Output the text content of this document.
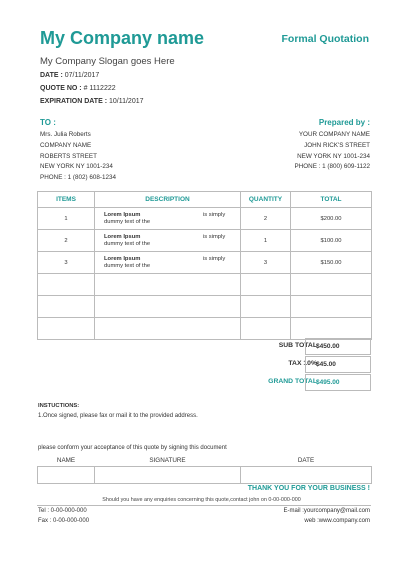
My Company name	Formal Quotation
My Company Slogan goes Here
DATE : 07/11/2017
QUOTE NO : # 1112222
EXPIRATION DATE : 10/11/2017
TO :	Prepared by :
Mrs. Julia Roberts
COMPANY NAME
ROBERTS STREET
NEW YORK NY 1001-234
PHONE : 1 (802) 608-1234
YOUR COMPANY NAME
JOHN RICK'S STREET
NEW YORK NY 1001-234
PHONE : 1 (800) 609-1122
ITEMS	DESCRIPTION	QUANTITY	TOTAL
1	Lorem Ipsum
dummy text of the
is simply	2	$200.00
2	Lorem Ipsum
dummy text of the
is simply	1	$100.00
3	Lorem Ipsum
dummy text of the
is simply	3	$150.00

SUB TOTAL $450.00
TAX 10% $45.00
GRAND TOTAL $495.00
INSTUCTIONS:
1.Once signed, please fax or mail it to the provided address.
please conform your acceptance of this quote by signing this document
NAME	SIGNATURE	DATE

THANK YOU FOR YOUR BUSINESS !
Should you have any enquiries concerning this quote,contact john on 0-00-000-000
Tel : 0-00-000-000
Fax : 0-00-000-000
E-mail :yourcompany@mail.com
web :www.company.com
